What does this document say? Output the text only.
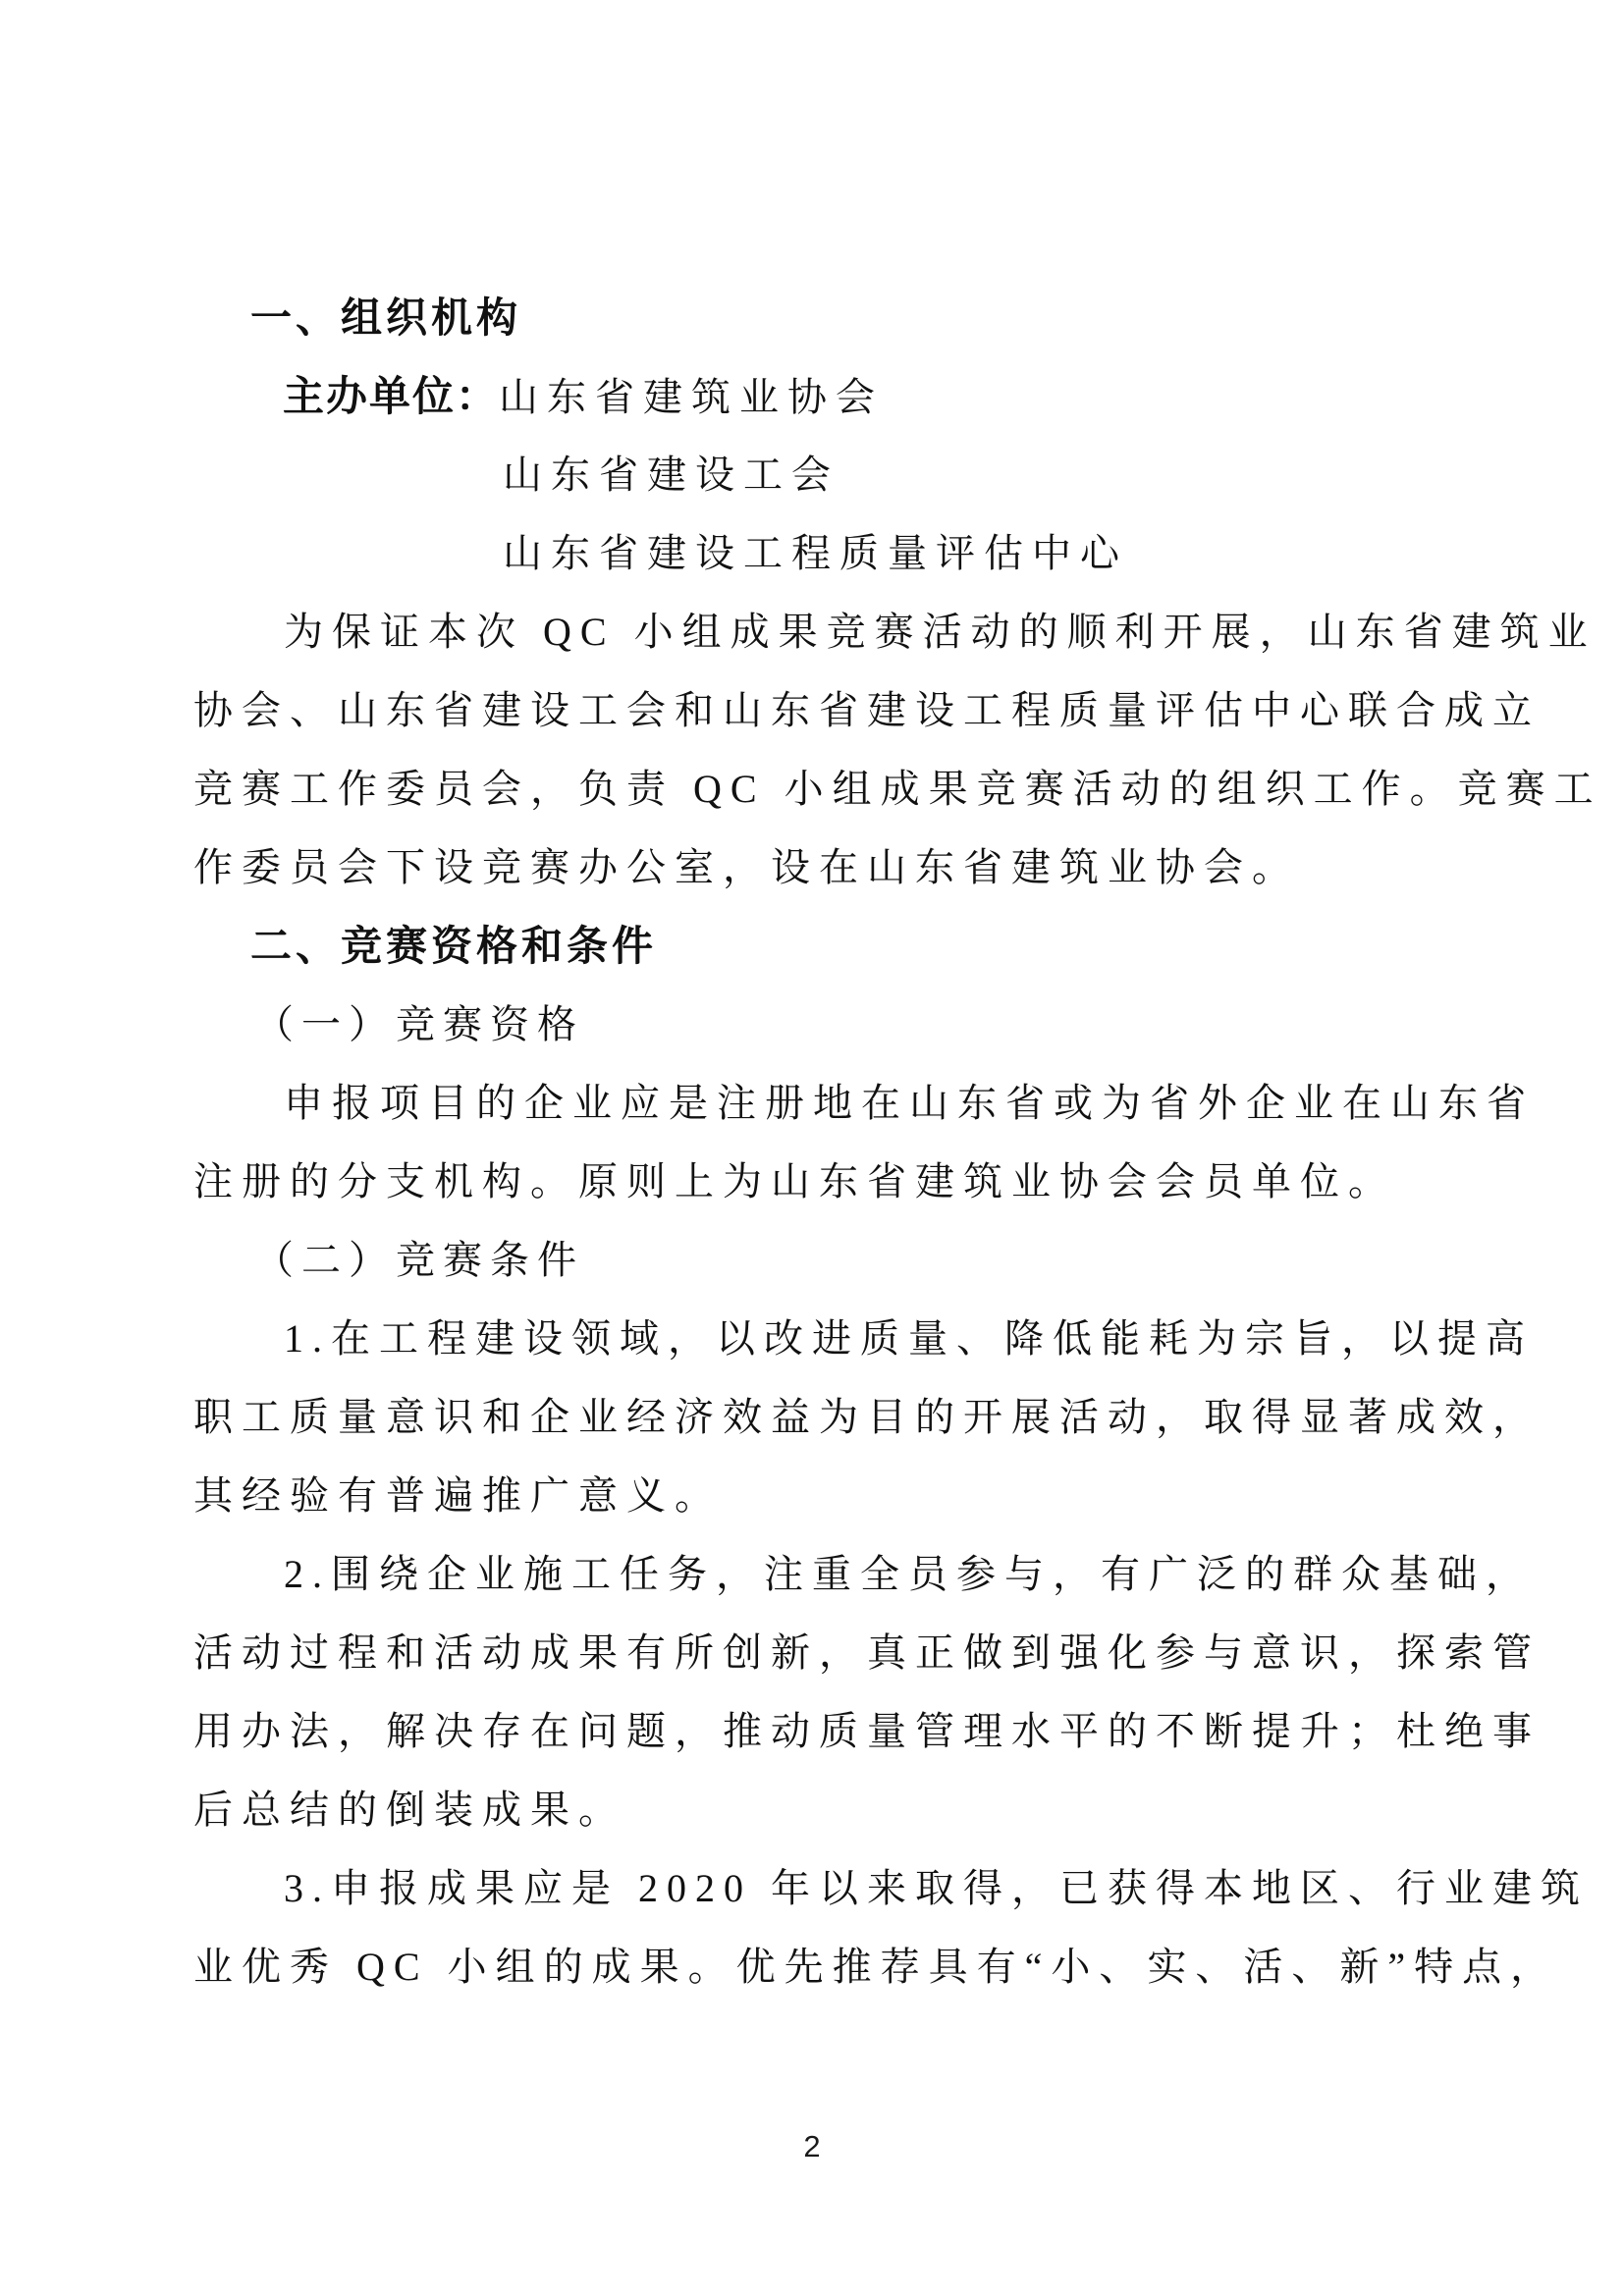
一、组织机构
主办单位：山东省建筑业协会
山东省建设工会
山东省建设工程质量评估中心
为保证本次 QC 小组成果竞赛活动的顺利开展，山东省建筑业
协会、山东省建设工会和山东省建设工程质量评估中心联合成立
竞赛工作委员会，负责 QC 小组成果竞赛活动的组织工作。竞赛工
作委员会下设竞赛办公室，设在山东省建筑业协会。
二、竞赛资格和条件
（一）竞赛资格
申报项目的企业应是注册地在山东省或为省外企业在山东省
注册的分支机构。原则上为山东省建筑业协会会员单位。
（二）竞赛条件
1.在工程建设领域，以改进质量、降低能耗为宗旨，以提高
职工质量意识和企业经济效益为目的开展活动，取得显著成效，
其经验有普遍推广意义。
2.围绕企业施工任务，注重全员参与，有广泛的群众基础，
活动过程和活动成果有所创新，真正做到强化参与意识，探索管
用办法，解决存在问题，推动质量管理水平的不断提升；杜绝事
后总结的倒装成果。
3.申报成果应是 2020 年以来取得，已获得本地区、行业建筑
业优秀 QC 小组的成果。优先推荐具有“小、实、活、新”特点，
2
